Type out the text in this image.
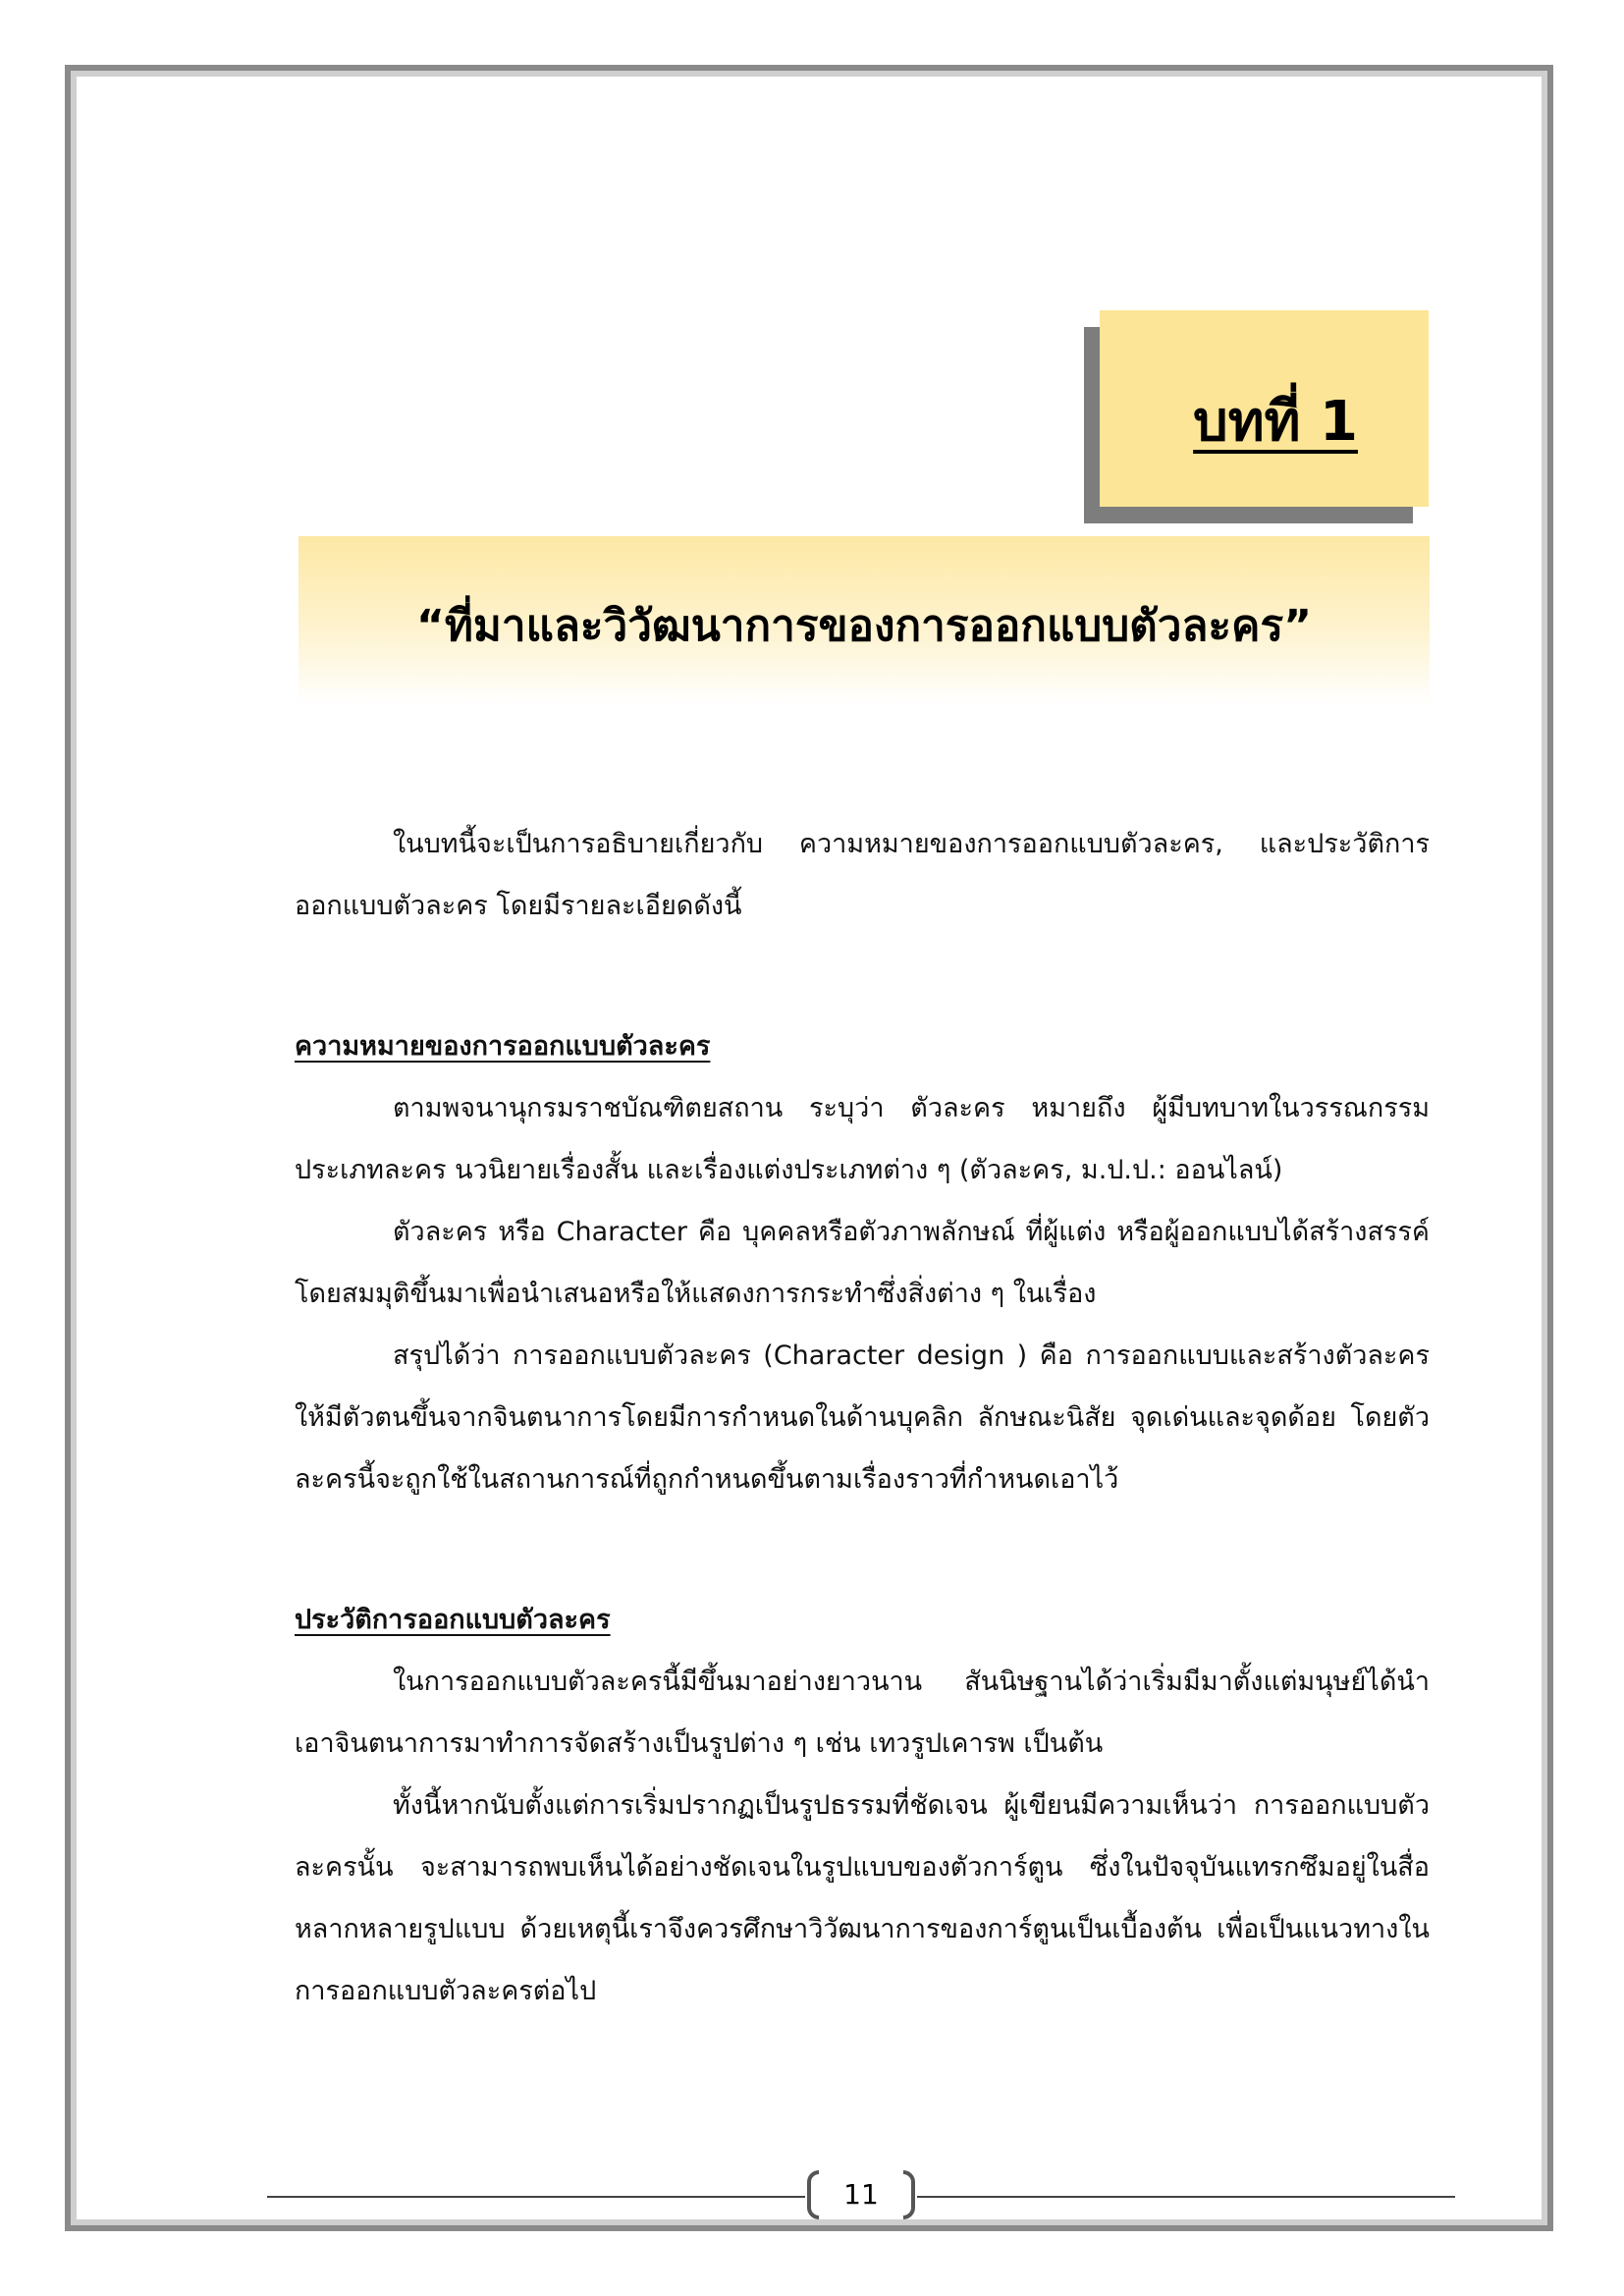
บทที่ 1
“ที่มาและวิวัฒนาการของการออกแบบตัวละคร”

ในบทนี้จะเป็นการอธิบายเกี่ยวกับ ความหมายของการออกแบบตัวละคร, และประวัติการออกแบบตัวละคร โดยมีรายละเอียดดังนี้

ความหมายของการออกแบบตัวละคร

ตามพจนานุกรมราชบัณฑิตยสถาน ระบุว่า ตัวละคร หมายถึง ผู้มีบทบาทในวรรณกรรมประเภทละคร นวนิยายเรื่องสั้น และเรื่องแต่งประเภทต่าง ๆ (ตัวละคร, ม.ป.ป.: ออนไลน์)

ตัวละคร หรือ Character คือ บุคคลหรือตัวภาพลักษณ์ ที่ผู้แต่ง หรือผู้ออกแบบได้สร้างสรรค์โดยสมมุติขึ้นมาเพื่อนำเสนอหรือให้แสดงการกระทำซึ่งสิ่งต่าง ๆ ในเรื่อง

สรุปได้ว่า การออกแบบตัวละคร (Character design ) คือ การออกแบบและสร้างตัวละครให้มีตัวตนขึ้นจากจินตนาการโดยมีการกำหนดในด้านบุคลิก ลักษณะนิสัย จุดเด่นและจุดด้อย โดยตัวละครนี้จะถูกใช้ในสถานการณ์ที่ถูกกำหนดขึ้นตามเรื่องราวที่กำหนดเอาไว้

ประวัติการออกแบบตัวละคร

ในการออกแบบตัวละครนี้มีขึ้นมาอย่างยาวนาน สันนิษฐานได้ว่าเริ่มมีมาตั้งแต่มนุษย์ได้นำเอาจินตนาการมาทำการจัดสร้างเป็นรูปต่าง ๆ เช่น เทวรูปเคารพ เป็นต้น

ทั้งนี้หากนับตั้งแต่การเริ่มปรากฏเป็นรูปธรรมที่ชัดเจน ผู้เขียนมีความเห็นว่า การออกแบบตัวละครนั้น จะสามารถพบเห็นได้อย่างชัดเจนในรูปแบบของตัวการ์ตูน ซึ่งในปัจจุบันแทรกซึมอยู่ในสื่อหลากหลายรูปแบบ ด้วยเหตุนี้เราจึงควรศึกษาวิวัฒนาการของการ์ตูนเป็นเบื้องต้น เพื่อเป็นแนวทางในการออกแบบตัวละครต่อไป

11
